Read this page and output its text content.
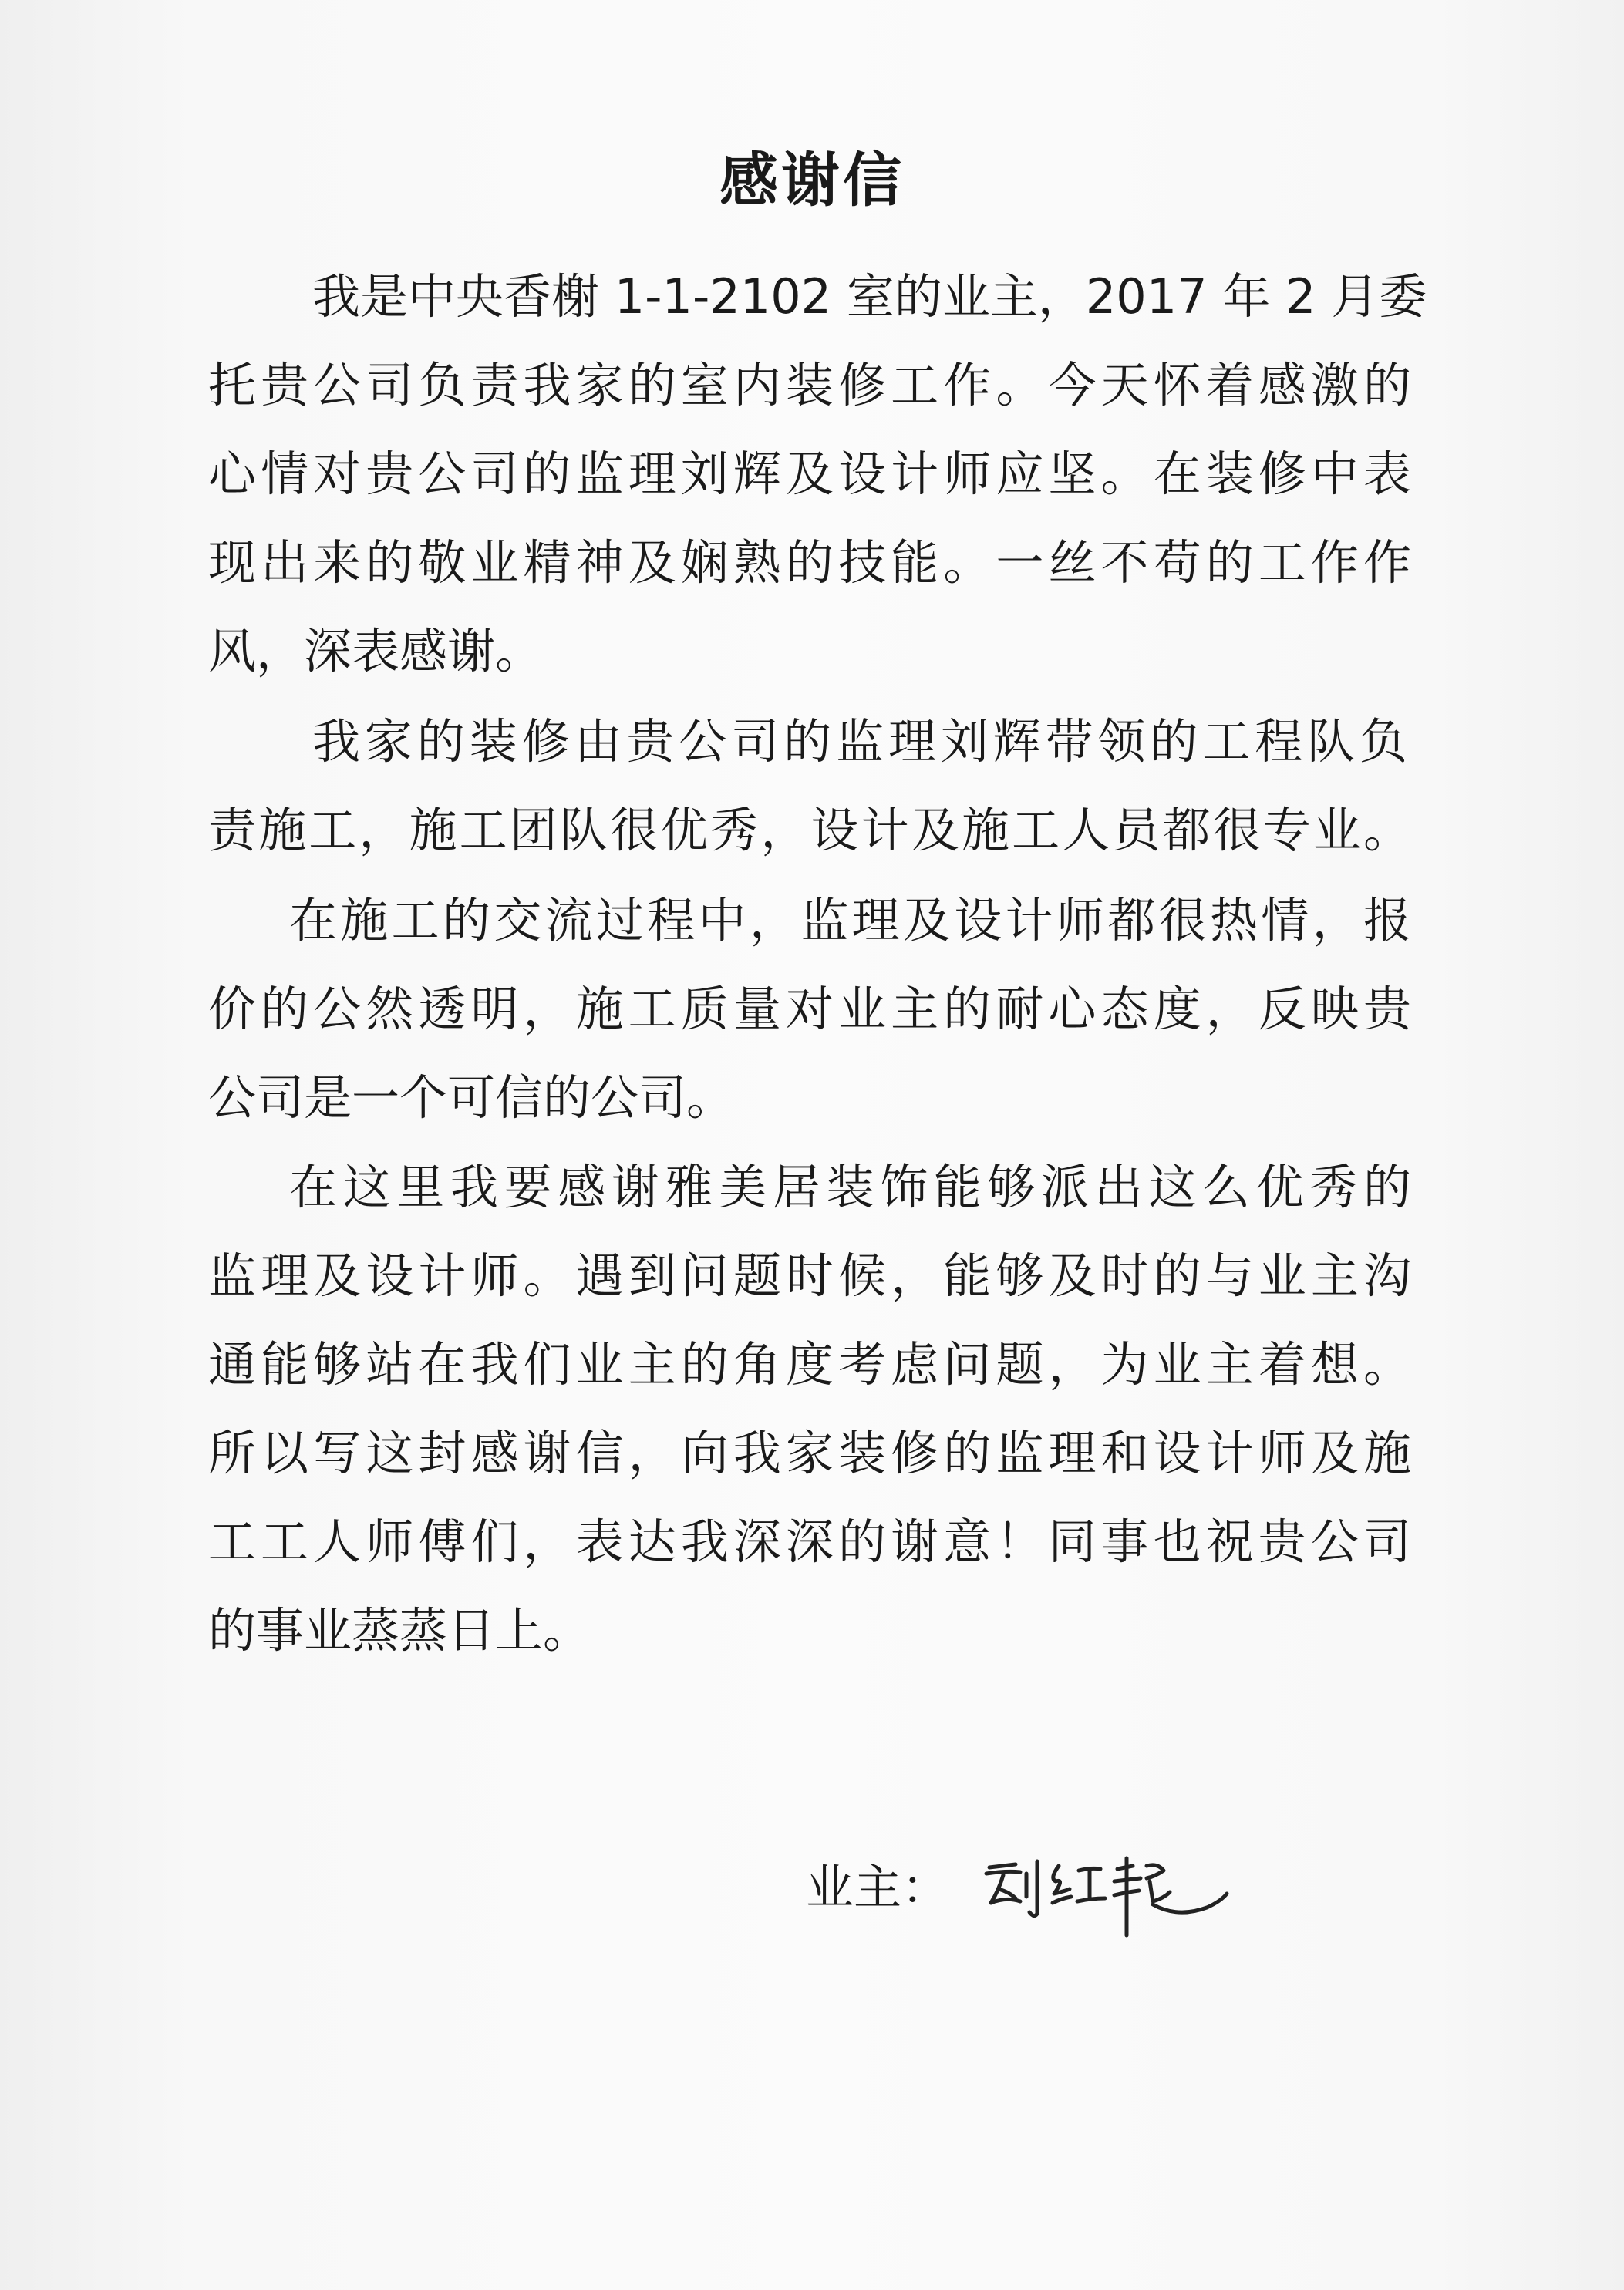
感谢信

我是中央香榭 1-1-2102 室的业主，2017 年 2 月委

托贵公司负责我家的室内装修工作。今天怀着感激的

心情对贵公司的监理刘辉及设计师应坚。在装修中表

现出来的敬业精神及娴熟的技能。一丝不苟的工作作

风，深表感谢。

我家的装修由贵公司的监理刘辉带领的工程队负

责施工，施工团队很优秀，设计及施工人员都很专业。

在施工的交流过程中，监理及设计师都很热情，报

价的公然透明，施工质量对业主的耐心态度，反映贵

公司是一个可信的公司。

在这里我要感谢雅美居装饰能够派出这么优秀的

监理及设计师。遇到问题时候，能够及时的与业主沟

通能够站在我们业主的角度考虑问题，为业主着想。

所以写这封感谢信，向我家装修的监理和设计师及施

工工人师傅们，表达我深深的谢意！同事也祝贵公司

的事业蒸蒸日上。

业主：
